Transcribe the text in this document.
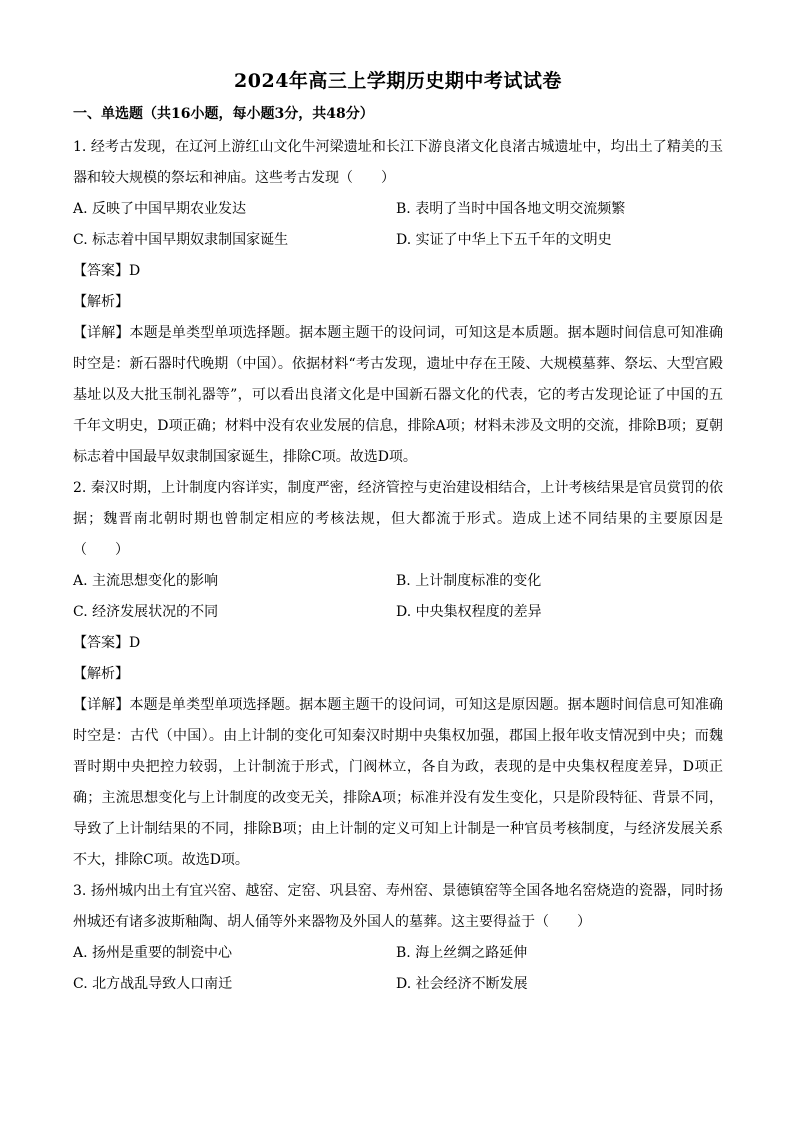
2024年高三上学期历史期中考试试卷
一、单选题（共16小题，每小题3分，共48分）

1. 经考古发现，在辽河上游红山文化牛河梁遗址和长江下游良渚文化良渚古城遗址中，均出土了精美的玉器和较大规模的祭坛和神庙。这些考古发现（　　）

A. 反映了中国早期农业发达	B. 表明了当时中国各地文明交流频繁
C. 标志着中国早期奴隶制国家诞生	D. 实证了中华上下五千年的文明史
【答案】D
【解析】

【详解】本题是单类型单项选择题。据本题主题干的设问词，可知这是本质题。据本题时间信息可知准确时空是：新石器时代晚期（中国）。依据材料“考古发现，遗址中存在王陵、大规模墓葬、祭坛、大型宫殿基址以及大批玉制礼器等”，可以看出良渚文化是中国新石器文化的代表，它的考古发现论证了中国的五千年文明史，D项正确；材料中没有农业发展的信息，排除A项；材料未涉及文明的交流，排除B项；夏朝标志着中国最早奴隶制国家诞生，排除C项。故选D项。

2. 秦汉时期，上计制度内容详实，制度严密，经济管控与吏治建设相结合，上计考核结果是官员赏罚的依据；魏晋南北朝时期也曾制定相应的考核法规，但大都流于形式。造成上述不同结果的主要原因是（　　）

A. 主流思想变化的影响	B. 上计制度标准的变化
C. 经济发展状况的不同	D. 中央集权程度的差异
【答案】D
【解析】

【详解】本题是单类型单项选择题。据本题主题干的设问词，可知这是原因题。据本题时间信息可知准确时空是：古代（中国）。由上计制的变化可知秦汉时期中央集权加强，郡国上报年收支情况到中央；而魏晋时期中央把控力较弱，上计制流于形式，门阀林立，各自为政，表现的是中央集权程度差异，D项正确；主流思想变化与上计制度的改变无关，排除A项；标准并没有发生变化，只是阶段特征、背景不同，导致了上计制结果的不同，排除B项；由上计制的定义可知上计制是一种官员考核制度，与经济发展关系不大，排除C项。故选D项。

3. 扬州城内出土有宜兴窑、越窑、定窑、巩县窑、寿州窑、景德镇窑等全国各地名窑烧造的瓷器，同时扬州城还有诸多波斯釉陶、胡人俑等外来器物及外国人的墓葬。这主要得益于（　　）

A. 扬州是重要的制瓷中心	B. 海上丝绸之路延伸
C. 北方战乱导致人口南迁	D. 社会经济不断发展
